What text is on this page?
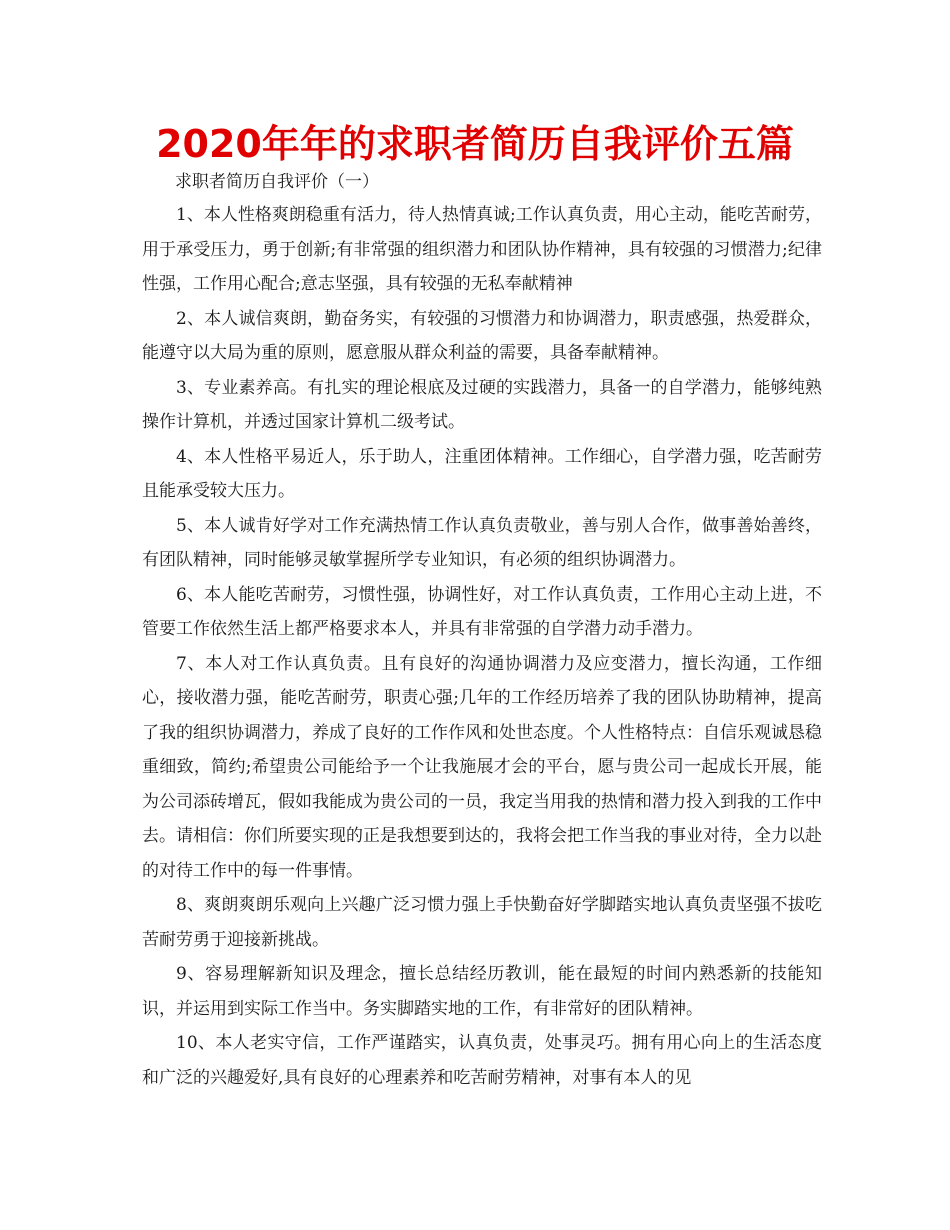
2020年年的求职者简历自我评价五篇
求职者简历自我评价（一）

1、本人性格爽朗稳重有活力，待人热情真诚;工作认真负责，用心主动，能吃苦耐劳，用于承受压力，勇于创新;有非常强的组织潜力和团队协作精神，具有较强的习惯潜力;纪律性强，工作用心配合;意志坚强，具有较强的无私奉献精神

2、本人诚信爽朗，勤奋务实，有较强的习惯潜力和协调潜力，职责感强，热爱群众，能遵守以大局为重的原则，愿意服从群众利益的需要，具备奉献精神。

3、专业素养高。有扎实的理论根底及过硬的实践潜力，具备一的自学潜力，能够纯熟操作计算机，并透过国家计算机二级考试。

4、本人性格平易近人，乐于助人，注重团体精神。工作细心，自学潜力强，吃苦耐劳且能承受较大压力。

5、本人诚肯好学对工作充满热情工作认真负责敬业，善与别人合作，做事善始善终，有团队精神，同时能够灵敏掌握所学专业知识，有必须的组织协调潜力。

6、本人能吃苦耐劳，习惯性强，协调性好，对工作认真负责，工作用心主动上进，不管要工作依然生活上都严格要求本人，并具有非常强的自学潜力动手潜力。

7、本人对工作认真负责。且有良好的沟通协调潜力及应变潜力，擅长沟通，工作细心，接收潜力强，能吃苦耐劳，职责心强;几年的工作经历培养了我的团队协助精神，提高了我的组织协调潜力，养成了良好的工作作风和处世态度。个人性格特点：自信乐观诚恳稳重细致，简约;希望贵公司能给予一个让我施展才会的平台，愿与贵公司一起成长开展，能为公司添砖增瓦，假如我能成为贵公司的一员，我定当用我的热情和潜力投入到我的工作中去。请相信：你们所要实现的正是我想要到达的，我将会把工作当我的事业对待，全力以赴的对待工作中的每一件事情。

8、爽朗爽朗乐观向上兴趣广泛习惯力强上手快勤奋好学脚踏实地认真负责坚强不拔吃苦耐劳勇于迎接新挑战。

9、容易理解新知识及理念，擅长总结经历教训，能在最短的时间内熟悉新的技能知识，并运用到实际工作当中。务实脚踏实地的工作，有非常好的团队精神。

10、本人老实守信，工作严谨踏实，认真负责，处事灵巧。拥有用心向上的生活态度和广泛的兴趣爱好,具有良好的心理素养和吃苦耐劳精神，对事有本人的见
